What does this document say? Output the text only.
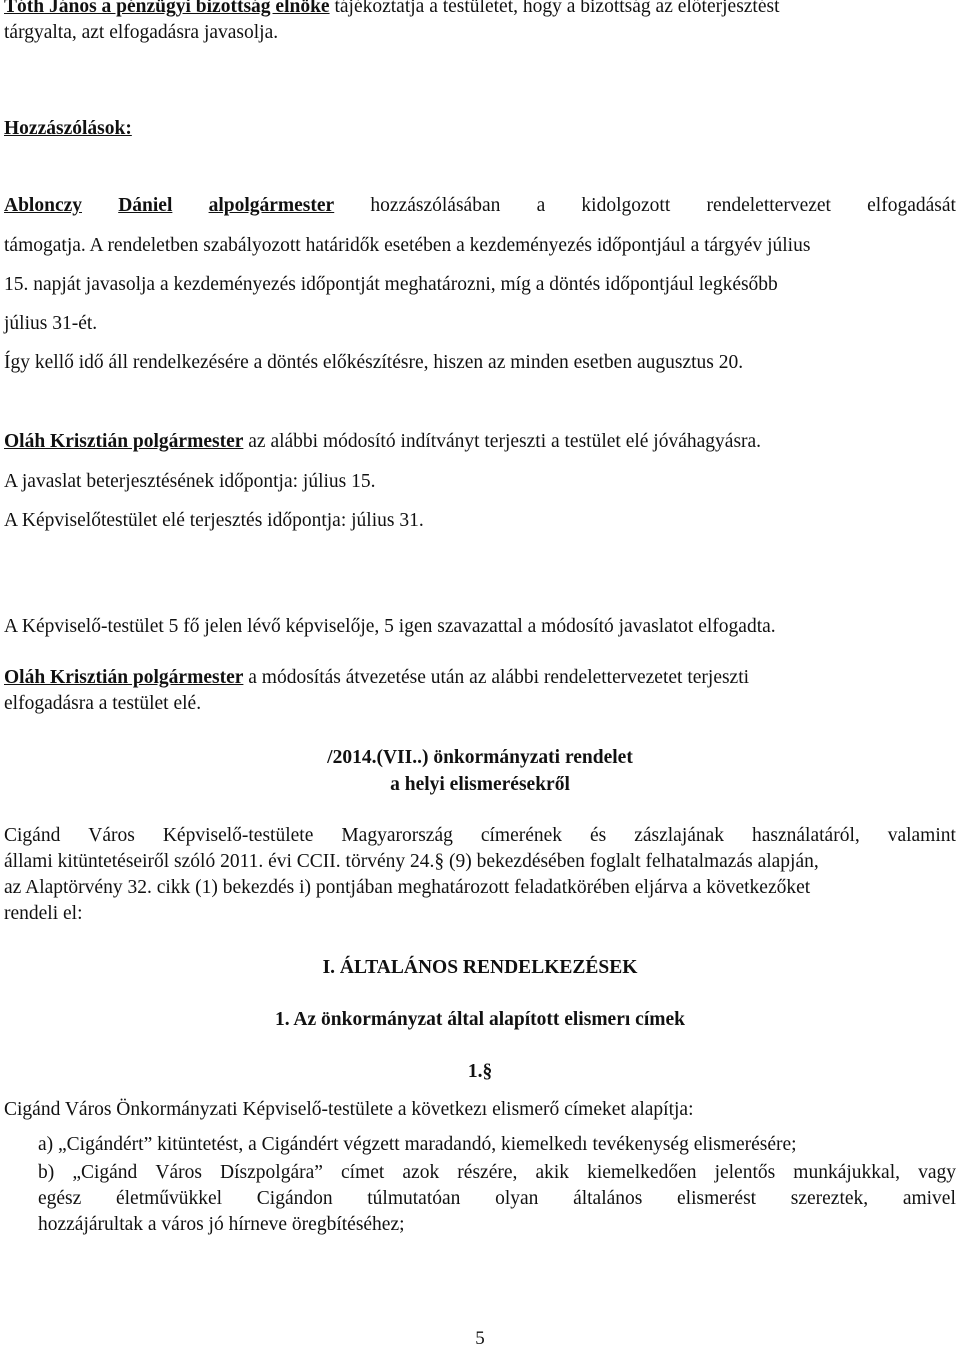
Tóth János a pénzügyi bizottság elnöke tájékoztatja a testületet, hogy a bizottság az előterjesztést
tárgyalta, azt elfogadásra javasolja.
Hozzászólások:
Ablonczy Dániel alpolgármester hozzászólásában a kidolgozott rendelettervezet elfogadását
támogatja. A rendeletben szabályozott határidők esetében a kezdeményezés időpontjául a tárgyév július
15. napját javasolja a kezdeményezés időpontját meghatározni, míg a döntés időpontjául legkésőbb
július 31-ét.
Így kellő idő áll rendelkezésére a döntés előkészítésre, hiszen az minden esetben augusztus 20.
Oláh Krisztián polgármester az alábbi módosító indítványt terjeszti a testület elé jóváhagyásra.
A javaslat beterjesztésének időpontja: július 15.
A Képviselőtestület elé terjesztés időpontja: július 31.
A Képviselő-testület 5 fő jelen lévő képviselője, 5 igen szavazattal a módosító javaslatot elfogadta.
Oláh Krisztián polgármester a módosítás átvezetése után az alábbi rendelettervezetet terjeszti
elfogadásra a testület elé.
/2014.(VII..) önkormányzati rendelet
a helyi elismerésekről
Cigánd Város Képviselő-testülete Magyarország címerének és zászlajának használatáról, valamint
állami kitüntetéseiről szóló 2011. évi CCII. törvény 24.§ (9) bekezdésében foglalt felhatalmazás alapján,
az Alaptörvény 32. cikk (1) bekezdés i) pontjában meghatározott feladatkörében eljárva a következőket
rendeli el:
I. ÁLTALÁNOS RENDELKEZÉSEK
1. Az önkormányzat által alapított elismerı címek
1.§
Cigánd Város Önkormányzati Képviselő-testülete a következı elismerő címeket alapítja:
a) „Cigándért” kitüntetést, a Cigándért végzett maradandó, kiemelkedı tevékenység elismerésére;
b) „Cigánd Város Díszpolgára” címet azok részére, akik kiemelkedően jelentős munkájukkal, vagy
egész életművükkel Cigándon túlmutatóan olyan általános elismerést szereztek, amivel
hozzájárultak a város jó hírneve öregbítéséhez;
5
